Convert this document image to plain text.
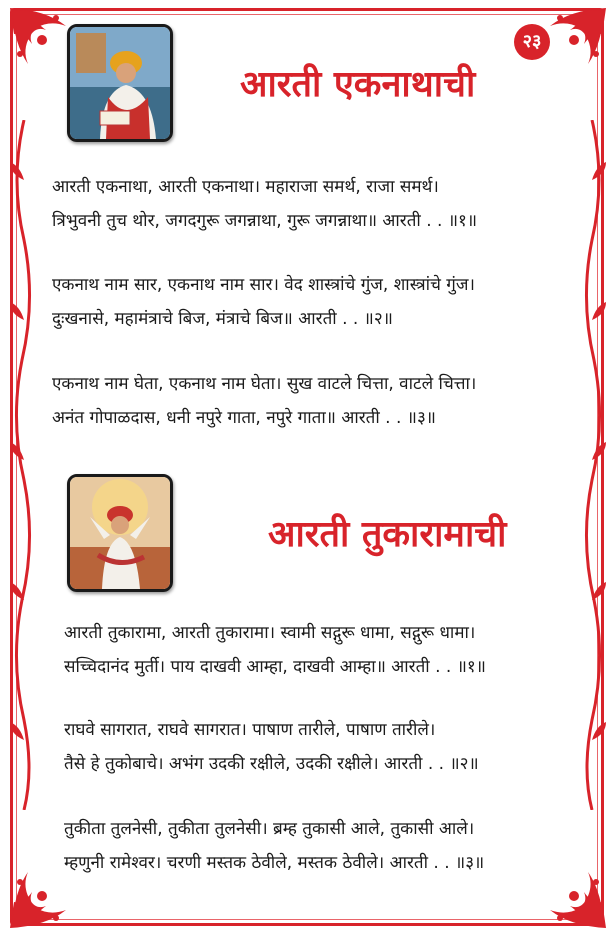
२३
आरती एकनाथाची
आरती एकनाथा, आरती एकनाथा। महाराजा समर्थ, राजा समर्थ।
त्रिभुवनी तुच थोर, जगदगुरू जगन्नाथा, गुरू जगन्नाथा॥ आरती . . ॥१॥
एकनाथ नाम सार, एकनाथ नाम सार। वेद शास्त्रांचे गुंज, शास्त्रांचे गुंज।
दुःखनासे, महामंत्राचे बिज, मंत्राचे बिज॥ आरती . . ॥२॥
एकनाथ नाम घेता, एकनाथ नाम घेता। सुख वाटले चित्ता, वाटले चित्ता।
अनंत गोपाळदास, धनी नपुरे गाता, नपुरे गाता॥ आरती . . ॥३॥
आरती तुकारामाची
आरती तुकारामा, आरती तुकारामा। स्वामी सद्गुरू धामा, सद्गुरू धामा।
सच्चिदानंद मुर्ती। पाय दाखवी आम्हा, दाखवी आम्हा॥ आरती . . ॥१॥
राघवे सागरात, राघवे सागरात। पाषाण तारीले, पाषाण तारीले।
तैसे हे तुकोबाचे। अभंग उदकी रक्षीले, उदकी रक्षीले। आरती . . ॥२॥
तुकीता तुलनेसी, तुकीता तुलनेसी। ब्रम्ह तुकासी आले, तुकासी आले।
म्हणुनी रामेश्वर। चरणी मस्तक ठेवीले, मस्तक ठेवीले। आरती . . ॥३॥
